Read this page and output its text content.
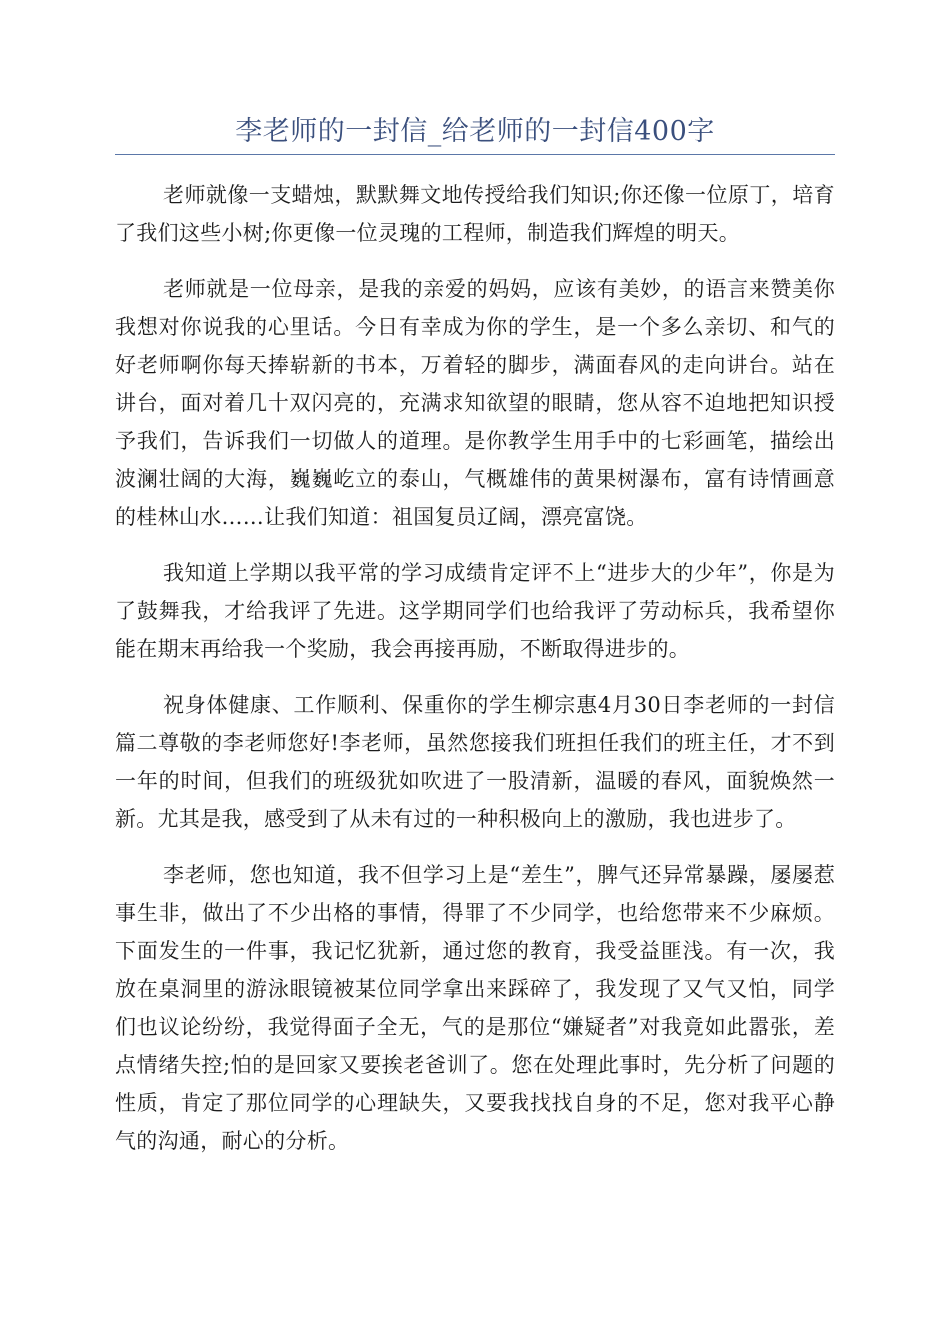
李老师的一封信_给老师的一封信400字

老师就像一支蜡烛，默默舞文地传授给我们知识;你还像一位原丁，培育了我们这些小树;你更像一位灵瑰的工程师，制造我们辉煌的明天。

老师就是一位母亲，是我的亲爱的妈妈，应该有美妙，的语言来赞美你我想对你说我的心里话。今日有幸成为你的学生，是一个多么亲切、和气的好老师啊你每天捧崭新的书本，万着轻的脚步，满面春风的走向讲台。站在讲台，面对着几十双闪亮的，充满求知欲望的眼睛，您从容不迫地把知识授予我们，告诉我们一切做人的道理。是你教学生用手中的七彩画笔，描绘出波澜壮阔的大海，巍巍屹立的泰山，气概雄伟的黄果树瀑布，富有诗情画意的桂林山水……让我们知道：祖国复员辽阔，漂亮富饶。

我知道上学期以我平常的学习成绩肯定评不上“进步大的少年”，你是为了鼓舞我，才给我评了先进。这学期同学们也给我评了劳动标兵，我希望你能在期末再给我一个奖励，我会再接再励，不断取得进步的。

祝身体健康、工作顺利、保重你的学生柳宗惠4月30日李老师的一封信篇二尊敬的李老师您好!李老师，虽然您接我们班担任我们的班主任，才不到一年的时间，但我们的班级犹如吹进了一股清新，温暖的春风，面貌焕然一新。尤其是我，感受到了从未有过的一种积极向上的激励，我也进步了。

李老师，您也知道，我不但学习上是“差生”，脾气还异常暴躁，屡屡惹事生非，做出了不少出格的事情，得罪了不少同学，也给您带来不少麻烦。下面发生的一件事，我记忆犹新，通过您的教育，我受益匪浅。有一次，我放在桌洞里的游泳眼镜被某位同学拿出来踩碎了，我发现了又气又怕，同学们也议论纷纷，我觉得面子全无，气的是那位“嫌疑者”对我竟如此嚣张，差点情绪失控;怕的是回家又要挨老爸训了。您在处理此事时，先分析了问题的性质，肯定了那位同学的心理缺失，又要我找找自身的不足，您对我平心静气的沟通，耐心的分析。
